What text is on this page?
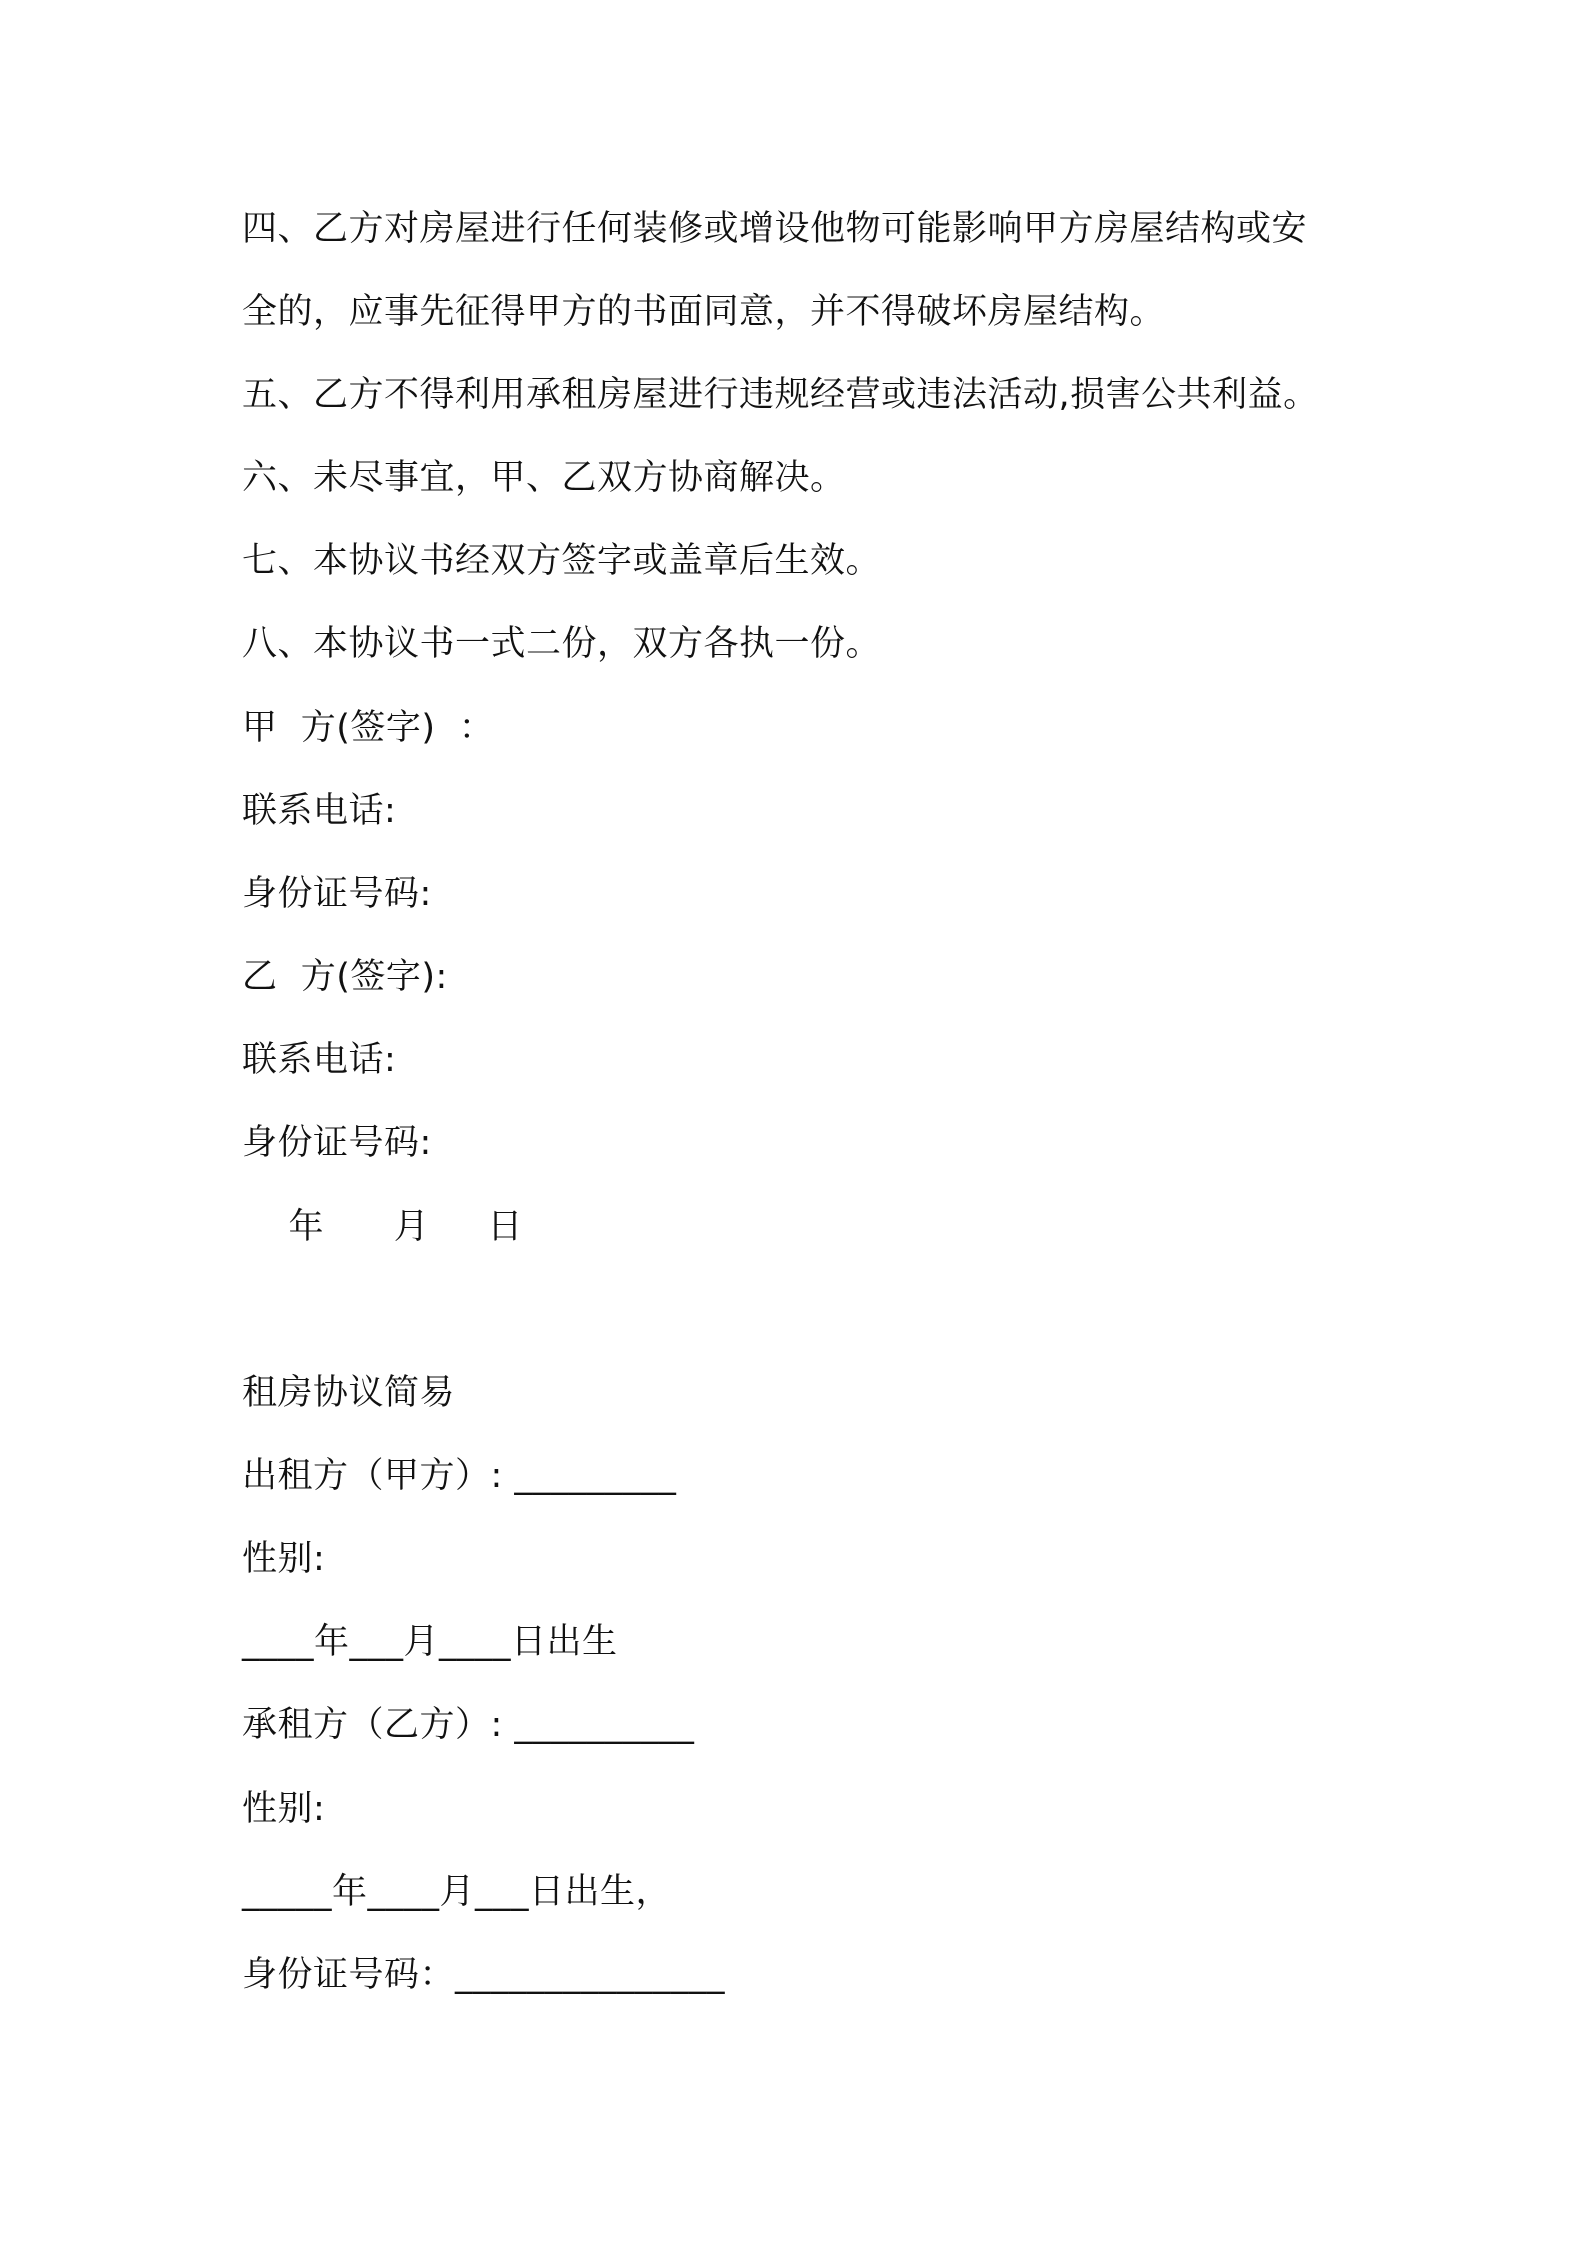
四、乙方对房屋进行任何装修或增设他物可能影响甲方房屋结构或安
全的，应事先征得甲方的书面同意，并不得破坏房屋结构。
五、乙方不得利用承租房屋进行违规经营或违法活动,损害公共利益。
六、未尽事宜，甲、乙双方协商解决。
七、本协议书经双方签字或盖章后生效。
八、本协议书一式二份，双方各执一份。
甲  方(签字)  ：
联系电话:
身份证号码:
乙  方(签字):
联系电话:
身份证号码:
年      月     日
租房协议简易
出租方（甲方）: _________
性别:
____年___月____日出生
承租方（乙方）: __________
性别:
_____年____月___日出生，
身份证号码：_______________
